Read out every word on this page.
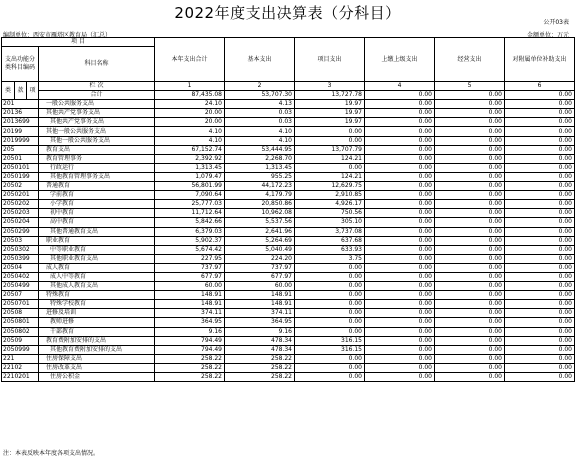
2022年度支出决算表（分科目）
公开03表
编制单位：西安市雁塔区教育局（汇总）	金额单位：万元
项 目				本年支出合计	基本支出	项目支出	上缴上级支出	经营支出	对附属单位补助支出
支出功能分类科目编码			科目名称						

类	款	项	栏 次	1	2	3	4	5	6
			合计	87,435.08	53,707.30	13,727.78	0.00	0.00	0.00
201			一般公共服务支出	24.10	4.13	19.97	0.00	0.00	0.00
20136			其他共产党事务支出	20.00	0.03	19.97	0.00	0.00	0.00
2013699			其他共产党事务支出	20.00	0.03	19.97	0.00	0.00	0.00
20199			其他一般公共服务支出	4.10	4.10	0.00	0.00	0.00	0.00
2019999			其他一般公共服务支出	4.10	4.10	0.00	0.00	0.00	0.00
205			教育支出	67,152.74	53,444.95	13,707.79	0.00	0.00	0.00
20501			教育管理事务	2,392.92	2,268.70	124.21	0.00	0.00	0.00
2050101			行政运行	1,313.45	1,313.45	0.00	0.00	0.00	0.00
2050199			其他教育管理事务支出	1,079.47	955.25	124.21	0.00	0.00	0.00
20502			普通教育	56,801.99	44,172.23	12,629.75	0.00	0.00	0.00
2050201			学前教育	7,090.64	4,179.79	2,910.85	0.00	0.00	0.00
2050202			小学教育	25,777.03	20,850.86	4,926.17	0.00	0.00	0.00
2050203			初中教育	11,712.64	10,962.08	750.56	0.00	0.00	0.00
2050204			高中教育	5,842.66	5,537.56	305.10	0.00	0.00	0.00
2050299			其他普通教育支出	6,379.03	2,641.96	3,737.08	0.00	0.00	0.00
20503			职业教育	5,902.37	5,264.69	637.68	0.00	0.00	0.00
2050302			中等职业教育	5,674.42	5,040.49	633.93	0.00	0.00	0.00
2050399			其他职业教育支出	227.95	224.20	3.75	0.00	0.00	0.00
20504			成人教育	737.97	737.97	0.00	0.00	0.00	0.00
2050402			成人中等教育	677.97	677.97	0.00	0.00	0.00	0.00
2050499			其他成人教育支出	60.00	60.00	0.00	0.00	0.00	0.00
20507			特殊教育	148.91	148.91	0.00	0.00	0.00	0.00
2050701			特殊学校教育	148.91	148.91	0.00	0.00	0.00	0.00
20508			进修及培训	374.11	374.11	0.00	0.00	0.00	0.00
2050801			教师进修	364.95	364.95	0.00	0.00	0.00	0.00
2050802			干部教育	9.16	9.16	0.00	0.00	0.00	0.00
20509			教育费附加安排的支出	794.49	478.34	316.15	0.00	0.00	0.00
2050999			其他教育费附加安排的支出	794.49	478.34	316.15	0.00	0.00	0.00
221			住房保障支出	258.22	258.22	0.00	0.00	0.00	0.00
22102			住房改革支出	258.22	258.22	0.00	0.00	0.00	0.00
2210201			住房公积金	258.22	258.22	0.00	0.00	0.00	0.00
注：本表反映本年度各项支出情况。
